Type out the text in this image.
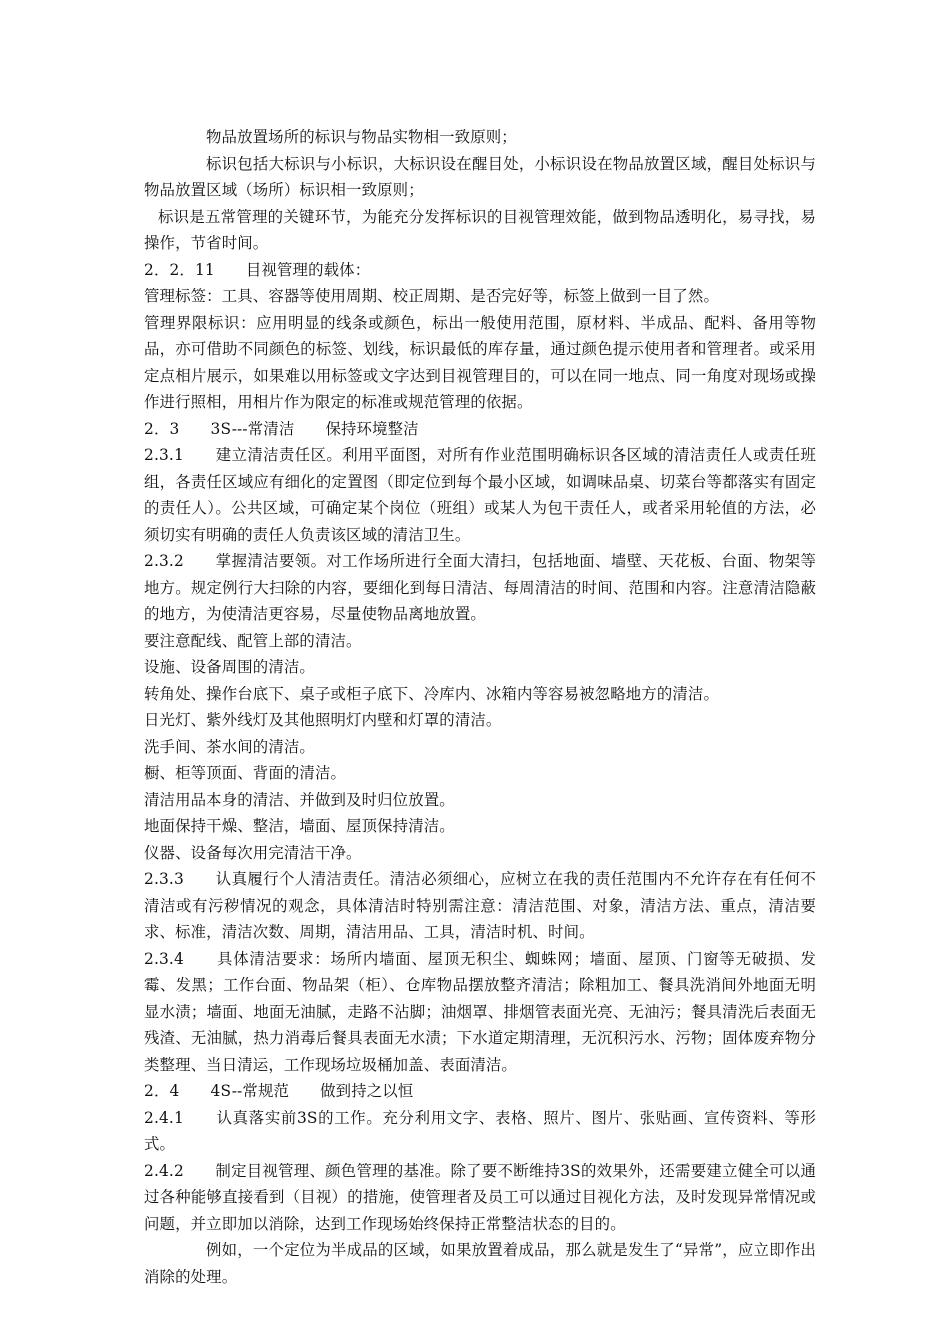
物品放置场所的标识与物品实物相一致原则；

标识包括大标识与小标识，大标识设在醒目处，小标识设在物品放置区域，醒目处标识与物品放置区域（场所）标识相一致原则；

标识是五常管理的关键环节，为能充分发挥标识的目视管理效能，做到物品透明化，易寻找，易操作，节省时间。

2．2．11　　目视管理的载体：

管理标签：工具、容器等使用周期、校正周期、是否完好等，标签上做到一目了然。

管理界限标识：应用明显的线条或颜色，标出一般使用范围，原材料、半成品、配料、备用等物品，亦可借助不同颜色的标签、划线，标识最低的库存量，通过颜色提示使用者和管理者。或采用定点相片展示，如果难以用标签或文字达到目视管理目的，可以在同一地点、同一角度对现场或操作进行照相，用相片作为限定的标准或规范管理的依据。

2．3　　3S---常清洁　　保持环境整洁

2.3.1　　建立清洁责任区。利用平面图，对所有作业范围明确标识各区域的清洁责任人或责任班组，各责任区域应有细化的定置图（即定位到每个最小区域，如调味品桌、切菜台等都落实有固定的责任人）。公共区域，可确定某个岗位（班组）或某人为包干责任人，或者采用轮值的方法，必须切实有明确的责任人负责该区域的清洁卫生。

2.3.2　　掌握清洁要领。对工作场所进行全面大清扫，包括地面、墙壁、天花板、台面、物架等地方。规定例行大扫除的内容，要细化到每日清洁、每周清洁的时间、范围和内容。注意清洁隐蔽的地方，为使清洁更容易，尽量使物品离地放置。

要注意配线、配管上部的清洁。

设施、设备周围的清洁。

转角处、操作台底下、桌子或柜子底下、冷库内、冰箱内等容易被忽略地方的清洁。

日光灯、紫外线灯及其他照明灯内壁和灯罩的清洁。

洗手间、茶水间的清洁。

橱、柜等顶面、背面的清洁。

清洁用品本身的清洁、并做到及时归位放置。

地面保持干燥、整洁，墙面、屋顶保持清洁。

仪器、设备每次用完清洁干净。

2.3.3　　认真履行个人清洁责任。清洁必须细心，应树立在我的责任范围内不允许存在有任何不清洁或有污秽情况的观念，具体清洁时特别需注意：清洁范围、对象，清洁方法、重点，清洁要求、标准，清洁次数、周期，清洁用品、工具，清洁时机、时间。

2.3.4　　具体清洁要求：场所内墙面、屋顶无积尘、蜘蛛网；墙面、屋顶、门窗等无破损、发霉、发黑；工作台面、物品架（柜）、仓库物品摆放整齐清洁；除粗加工、餐具洗消间外地面无明显水渍；墙面、地面无油腻，走路不沾脚；油烟罩、排烟管表面光亮、无油污；餐具清洗后表面无残渣、无油腻，热力消毒后餐具表面无水渍；下水道定期清理，无沉积污水、污物；固体废弃物分类整理、当日清运，工作现场垃圾桶加盖、表面清洁。

2．4　　4S--常规范　　做到持之以恒

2.4.1　　认真落实前3S的工作。充分利用文字、表格、照片、图片、张贴画、宣传资料、等形式。

2.4.2　　制定目视管理、颜色管理的基准。除了要不断维持3S的效果外，还需要建立健全可以通过各种能够直接看到（目视）的措施，使管理者及员工可以通过目视化方法，及时发现异常情况或问题，并立即加以消除，达到工作现场始终保持正常整洁状态的目的。

例如，一个定位为半成品的区域，如果放置着成品，那么就是发生了“异常”，应立即作出消除的处理。
